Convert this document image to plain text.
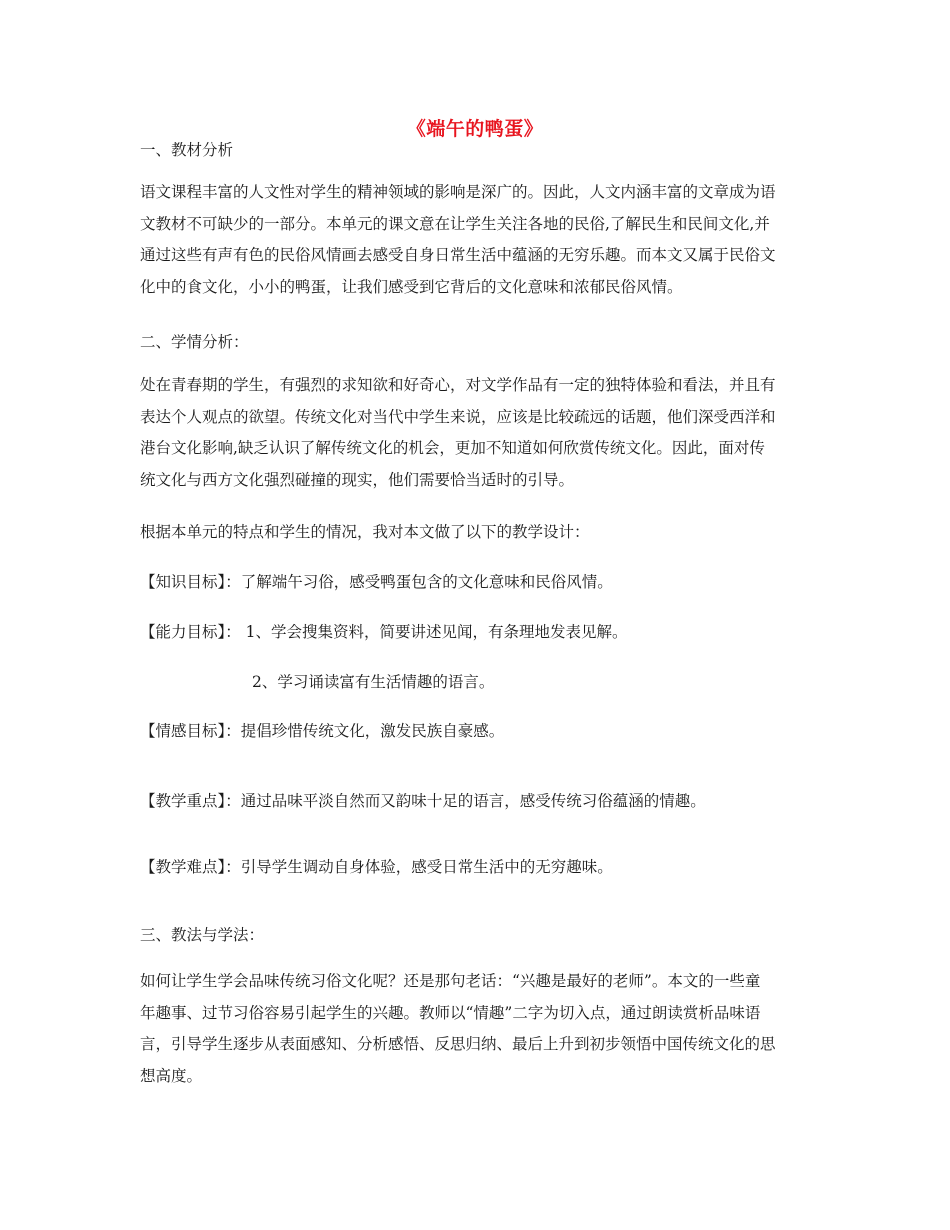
《端午的鸭蛋》
一、教材分析
语文课程丰富的人文性对学生的精神领域的影响是深广的。因此，人文内涵丰富的文章成为语
文教材不可缺少的一部分。本单元的课文意在让学生关注各地的民俗,了解民生和民间文化,并
通过这些有声有色的民俗风情画去感受自身日常生活中蕴涵的无穷乐趣。而本文又属于民俗文
化中的食文化，小小的鸭蛋，让我们感受到它背后的文化意味和浓郁民俗风情。
二、学情分析：
处在青春期的学生，有强烈的求知欲和好奇心，对文学作品有一定的独特体验和看法，并且有
表达个人观点的欲望。传统文化对当代中学生来说，应该是比较疏远的话题，他们深受西洋和
港台文化影响,缺乏认识了解传统文化的机会，更加不知道如何欣赏传统文化。因此，面对传
统文化与西方文化强烈碰撞的现实，他们需要恰当适时的引导。
根据本单元的特点和学生的情况，我对本文做了以下的教学设计：
【知识目标】：了解端午习俗，感受鸭蛋包含的文化意味和民俗风情。
【能力目标】： 1、学会搜集资料，简要讲述见闻，有条理地发表见解。
2、学习诵读富有生活情趣的语言。
【情感目标】：提倡珍惜传统文化，激发民族自豪感。
【教学重点】：通过品味平淡自然而又韵味十足的语言，感受传统习俗蕴涵的情趣。
【教学难点】：引导学生调动自身体验，感受日常生活中的无穷趣味。
三、教法与学法：
如何让学生学会品味传统习俗文化呢？还是那句老话：“兴趣是最好的老师”。本文的一些童
年趣事、过节习俗容易引起学生的兴趣。教师以“情趣”二字为切入点，通过朗读赏析品味语
言，引导学生逐步从表面感知、分析感悟、反思归纳、最后上升到初步领悟中国传统文化的思
想高度。
